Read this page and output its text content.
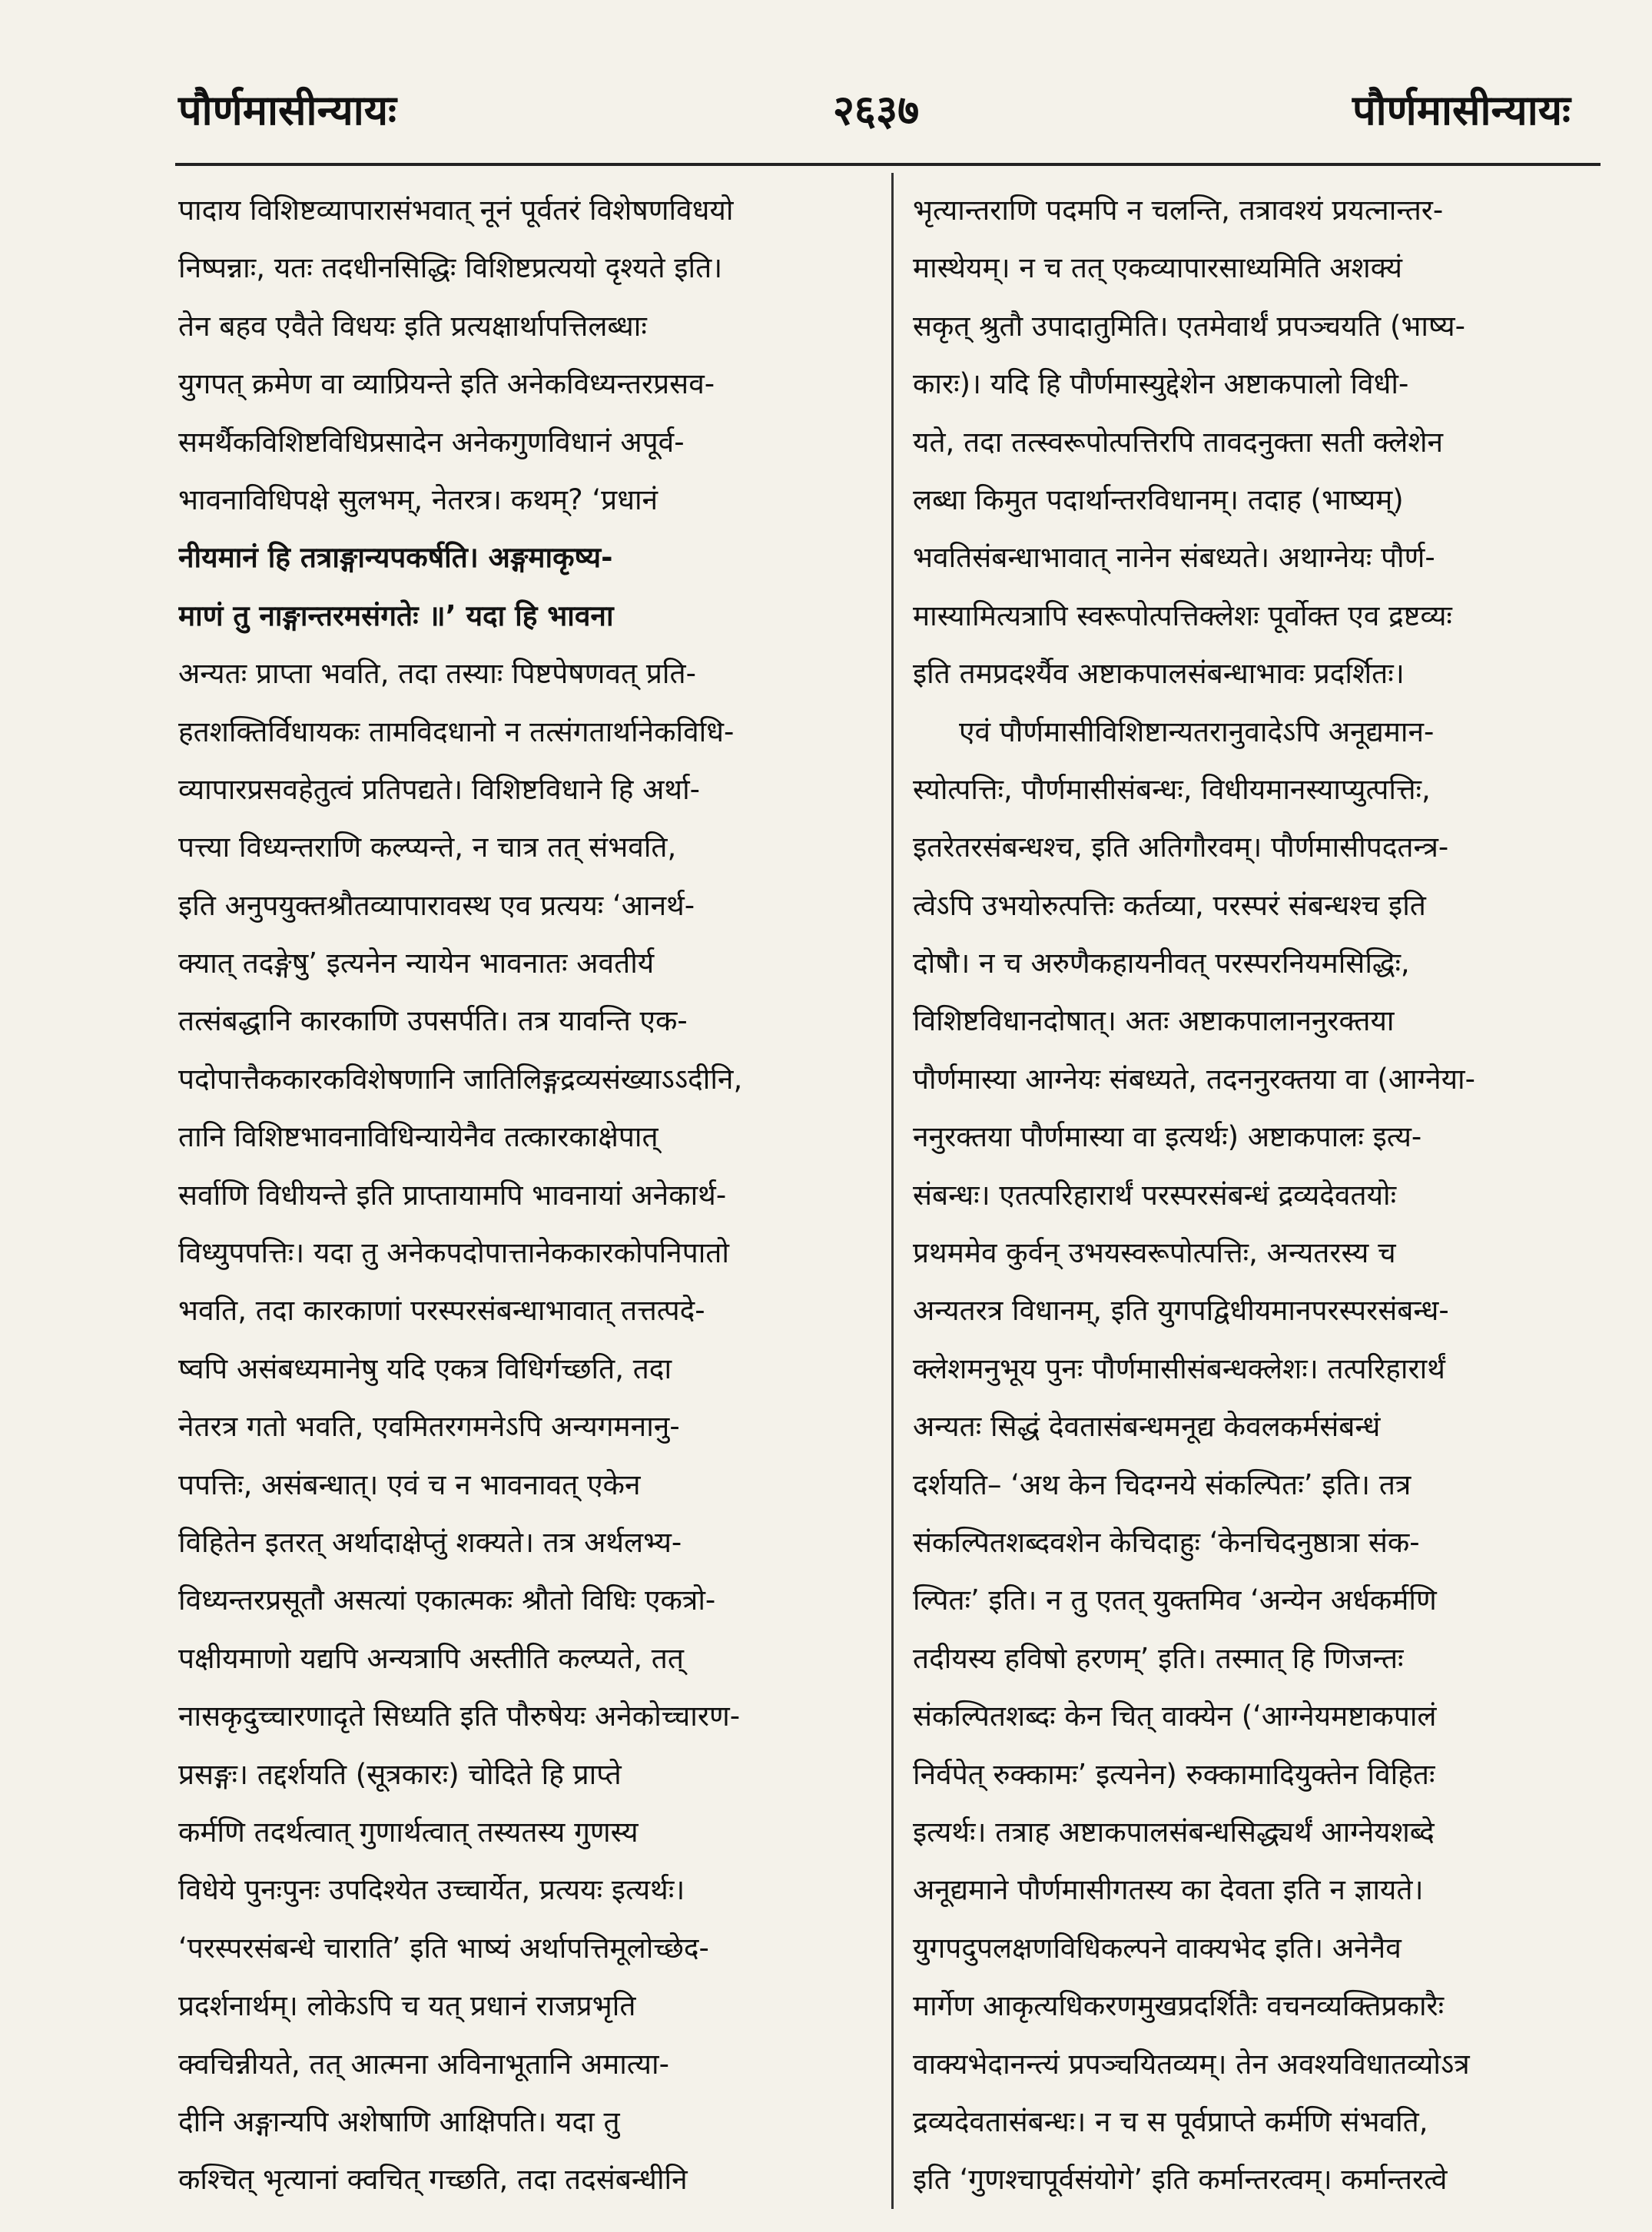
पौर्णमासीन्यायः	२६३७	पौर्णमासीन्यायः
पादाय विशिष्टव्यापारासंभवात् नूनं पूर्वतरं विशेषणविधयो
निष्पन्नाः, यतः तदधीनसिद्धिः विशिष्टप्रत्ययो दृश्यते इति।
तेन बहव एवैते विधयः इति प्रत्यक्षार्थापत्तिलब्धाः
युगपत् क्रमेण वा व्याप्रियन्ते इति अनेकविध्यन्तरप्रसव-
समर्थैकविशिष्टविधिप्रसादेन अनेकगुणविधानं अपूर्व-
भावनाविधिपक्षे सुलभम्, नेतरत्र। कथम्? ‘प्रधानं
नीयमानं हि तत्राङ्गान्यपकर्षति। अङ्गमाकृष्य-
माणं तु नाङ्गान्तरमसंगतेः ॥’ यदा हि भावना
अन्यतः प्राप्ता भवति, तदा तस्याः पिष्टपेषणवत् प्रति-
हतशक्तिर्विधायकः तामविदधानो न तत्संगतार्थानेकविधि-
व्यापारप्रसवहेतुत्वं प्रतिपद्यते। विशिष्टविधाने हि अर्था-
पत्त्या विध्यन्तराणि कल्प्यन्ते, न चात्र तत् संभवति,
इति अनुपयुक्तश्रौतव्यापारावस्थ एव प्रत्ययः ‘आनर्थ-
क्यात् तदङ्गेषु’ इत्यनेन न्यायेन भावनातः अवतीर्य
तत्संबद्धानि कारकाणि उपसर्पति। तत्र यावन्ति एक-
पदोपात्तैककारकविशेषणानि जातिलिङ्गद्रव्यसंख्याऽऽदीनि,
तानि विशिष्टभावनाविधिन्यायेनैव तत्कारकाक्षेपात्
सर्वाणि विधीयन्ते इति प्राप्तायामपि भावनायां अनेकार्थ-
विध्युपपत्तिः। यदा तु अनेकपदोपात्तानेककारकोपनिपातो
भवति, तदा कारकाणां परस्परसंबन्धाभावात् तत्तत्पदे-
ष्वपि असंबध्यमानेषु यदि एकत्र विधिर्गच्छति, तदा
नेतरत्र गतो भवति, एवमितरगमनेऽपि अन्यगमनानु-
पपत्तिः, असंबन्धात्। एवं च न भावनावत् एकेन
विहितेन इतरत् अर्थादाक्षेप्तुं शक्यते। तत्र अर्थलभ्य-
विध्यन्तरप्रसूतौ असत्यां एकात्मकः श्रौतो विधिः एकत्रो-
पक्षीयमाणो यद्यपि अन्यत्रापि अस्तीति कल्प्यते, तत्
नासकृदुच्चारणादृते सिध्यति इति पौरुषेयः अनेकोच्चारण-
प्रसङ्गः। तद्दर्शयति (सूत्रकारः) चोदिते हि प्राप्ते
कर्मणि तदर्थत्वात् गुणार्थत्वात् तस्यतस्य गुणस्य
विधेये पुनःपुनः उपदिश्येत उच्चार्येत, प्रत्ययः इत्यर्थः।
‘परस्परसंबन्धे चाराति’ इति भाष्यं अर्थापत्तिमूलोच्छेद-
प्रदर्शनार्थम्। लोकेऽपि च यत् प्रधानं राजप्रभृति
क्वचिन्नीयते, तत् आत्मना अविनाभूतानि अमात्या-
दीनि अङ्गान्यपि अशेषाणि आक्षिपति। यदा तु
कश्चित् भृत्यानां क्वचित् गच्छति, तदा तदसंबन्धीनि
भृत्यान्तराणि पदमपि न चलन्ति, तत्रावश्यं प्रयत्नान्तर-
मास्थेयम्। न च तत् एकव्यापारसाध्यमिति अशक्यं
सकृत् श्रुतौ उपादातुमिति। एतमेवार्थं प्रपञ्चयति (भाष्य-
कारः)। यदि हि पौर्णमास्युद्देशेन अष्टाकपालो विधी-
यते, तदा तत्स्वरूपोत्पत्तिरपि तावदनुक्ता सती क्लेशेन
लब्धा किमुत पदार्थान्तरविधानम्। तदाह (भाष्यम्)
भवतिसंबन्धाभावात् नानेन संबध्यते। अथाग्नेयः पौर्ण-
मास्यामित्यत्रापि स्वरूपोत्पत्तिक्लेशः पूर्वोक्त एव द्रष्टव्यः
इति तमप्रदर्श्यैव अष्टाकपालसंबन्धाभावः प्रदर्शितः।
एवं पौर्णमासीविशिष्टान्यतरानुवादेऽपि अनूद्यमान-
स्योत्पत्तिः, पौर्णमासीसंबन्धः, विधीयमानस्याप्युत्पत्तिः,
इतरेतरसंबन्धश्च, इति अतिगौरवम्। पौर्णमासीपदतन्त्र-
त्वेऽपि उभयोरुत्पत्तिः कर्तव्या, परस्परं संबन्धश्च इति
दोषौ। न च अरुणैकहायनीवत् परस्परनियमसिद्धिः,
विशिष्टविधानदोषात्। अतः अष्टाकपालाननुरक्तया
पौर्णमास्या आग्नेयः संबध्यते, तदननुरक्तया वा (आग्नेया-
ननुरक्तया पौर्णमास्या वा इत्यर्थः) अष्टाकपालः इत्य-
संबन्धः। एतत्परिहारार्थं परस्परसंबन्धं द्रव्यदेवतयोः
प्रथममेव कुर्वन् उभयस्वरूपोत्पत्तिः, अन्यतरस्य च
अन्यतरत्र विधानम्, इति युगपद्विधीयमानपरस्परसंबन्ध-
क्लेशमनुभूय पुनः पौर्णमासीसंबन्धक्लेशः। तत्परिहारार्थं
अन्यतः सिद्धं देवतासंबन्धमनूद्य केवलकर्मसंबन्धं
दर्शयति– ‘अथ केन चिदग्नये संकल्पितः’ इति। तत्र
संकल्पितशब्दवशेन केचिदाहुः ‘केनचिदनुष्ठात्रा संक-
ल्पितः’ इति। न तु एतत् युक्तमिव ‘अन्येन अर्धकर्मणि
तदीयस्य हविषो हरणम्’ इति। तस्मात् हि णिजन्तः
संकल्पितशब्दः केन चित् वाक्येन (‘आग्नेयमष्टाकपालं
निर्वपेत् रुक्कामः’ इत्यनेन) रुक्कामादियुक्तेन विहितः
इत्यर्थः। तत्राह अष्टाकपालसंबन्धसिद्ध्यर्थं आग्नेयशब्दे
अनूद्यमाने पौर्णमासीगतस्य का देवता इति न ज्ञायते।
युगपदुपलक्षणविधिकल्पने वाक्यभेद इति। अनेनैव
मार्गेण आकृत्यधिकरणमुखप्रदर्शितैः वचनव्यक्तिप्रकारैः
वाक्यभेदानन्त्यं प्रपञ्चयितव्यम्। तेन अवश्यविधातव्योऽत्र
द्रव्यदेवतासंबन्धः। न च स पूर्वप्राप्ते कर्मणि संभवति,
इति ‘गुणश्चापूर्वसंयोगे’ इति कर्मान्तरत्वम्। कर्मान्तरत्वे
